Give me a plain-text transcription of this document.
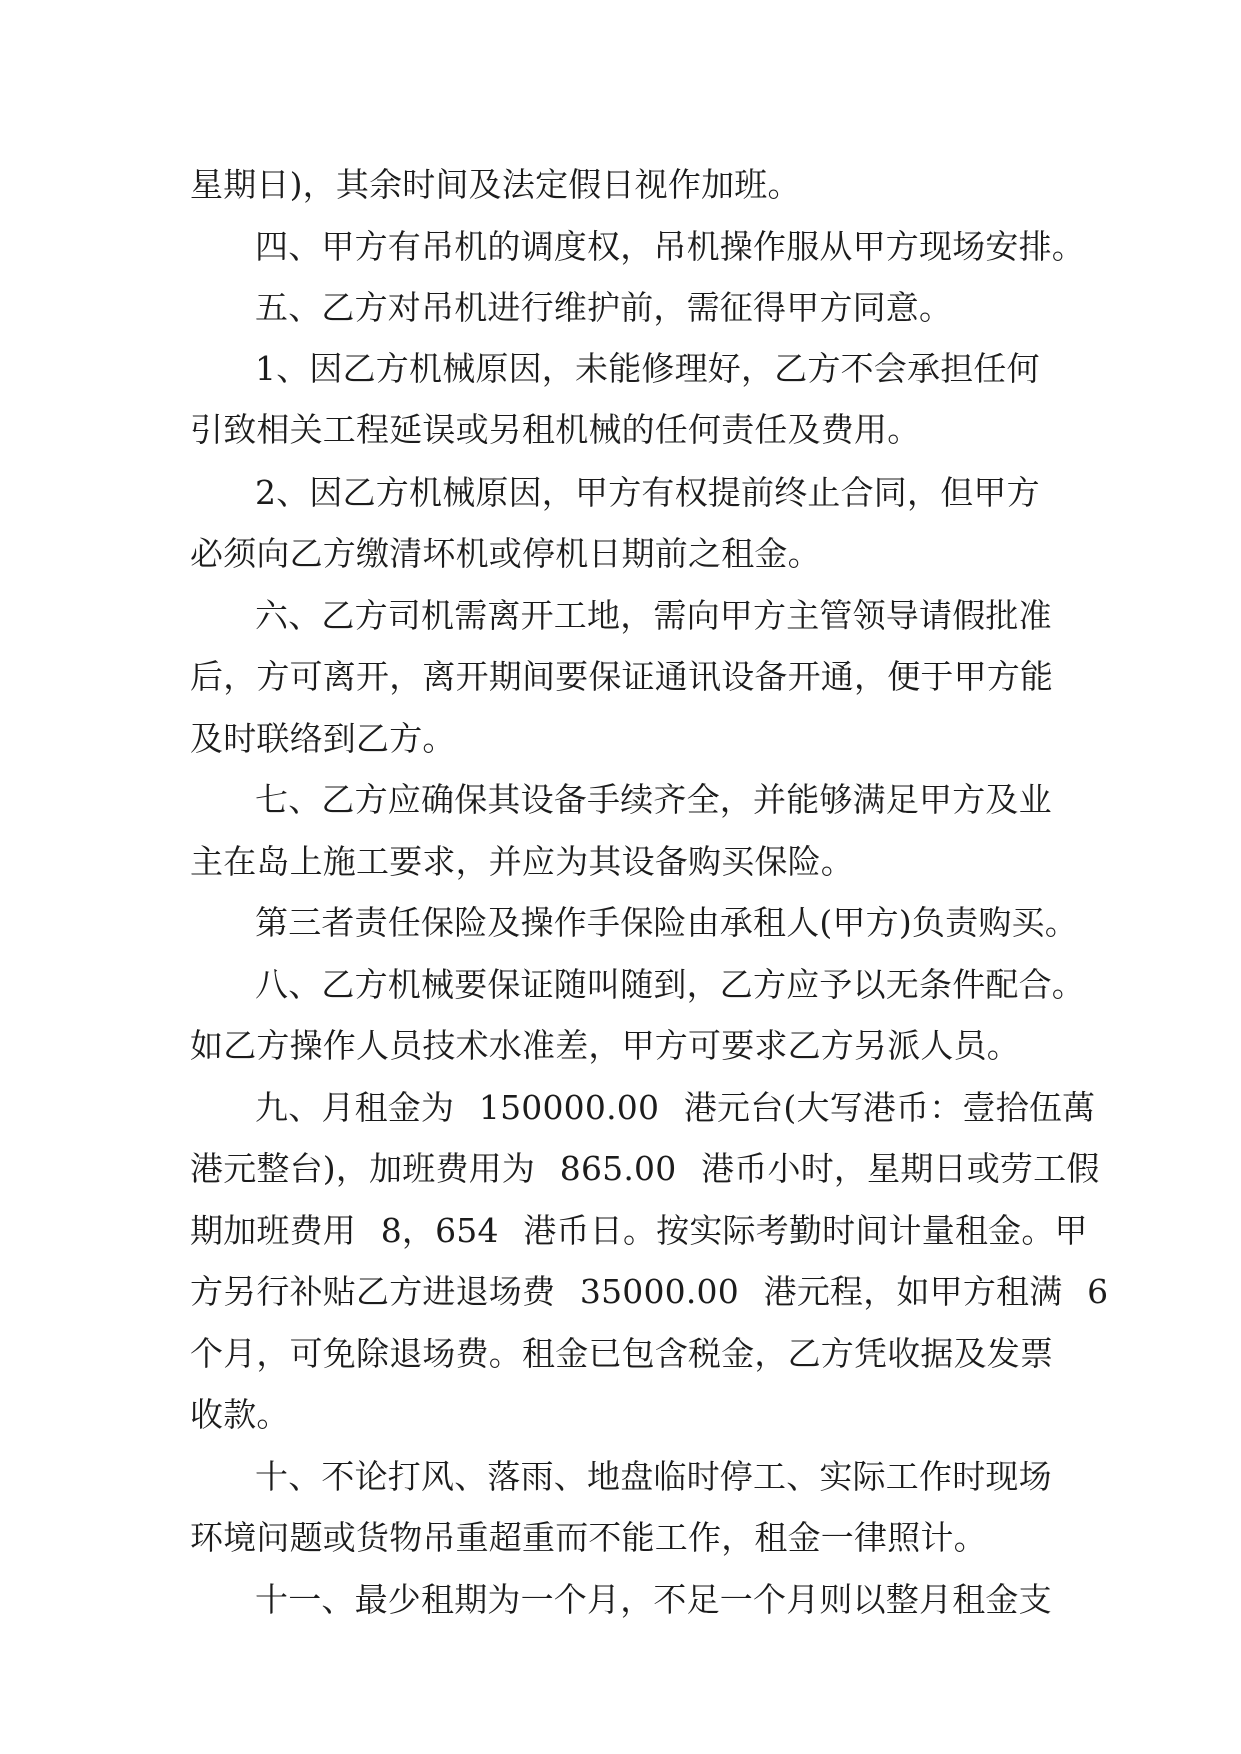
星期日)，其余时间及法定假日视作加班。
四、甲方有吊机的调度权，吊机操作服从甲方现场安排。
五、乙方对吊机进行维护前，需征得甲方同意。
1、因乙方机械原因，未能修理好，乙方不会承担任何
引致相关工程延误或另租机械的任何责任及费用。
2、因乙方机械原因，甲方有权提前终止合同，但甲方
必须向乙方缴清坏机或停机日期前之租金。
六、乙方司机需离开工地，需向甲方主管领导请假批准
后，方可离开，离开期间要保证通讯设备开通，便于甲方能
及时联络到乙方。
七、乙方应确保其设备手续齐全，并能够满足甲方及业
主在岛上施工要求，并应为其设备购买保险。
第三者责任保险及操作手保险由承租人(甲方)负责购买。
八、乙方机械要保证随叫随到，乙方应予以无条件配合。
如乙方操作人员技术水准差，甲方可要求乙方另派人员。
九、月租金为 150000.00 港元台(大写港币：壹拾伍萬
港元整台)，加班费用为 865.00 港币小时，星期日或劳工假
期加班费用 8，654 港币日。按实际考勤时间计量租金。甲
方另行补贴乙方进退场费 35000.00 港元程，如甲方租满 6
个月，可免除退场费。租金已包含税金，乙方凭收据及发票
收款。
十、不论打风、落雨、地盘临时停工、实际工作时现场
环境问题或货物吊重超重而不能工作，租金一律照计。
十一、最少租期为一个月，不足一个月则以整月租金支
